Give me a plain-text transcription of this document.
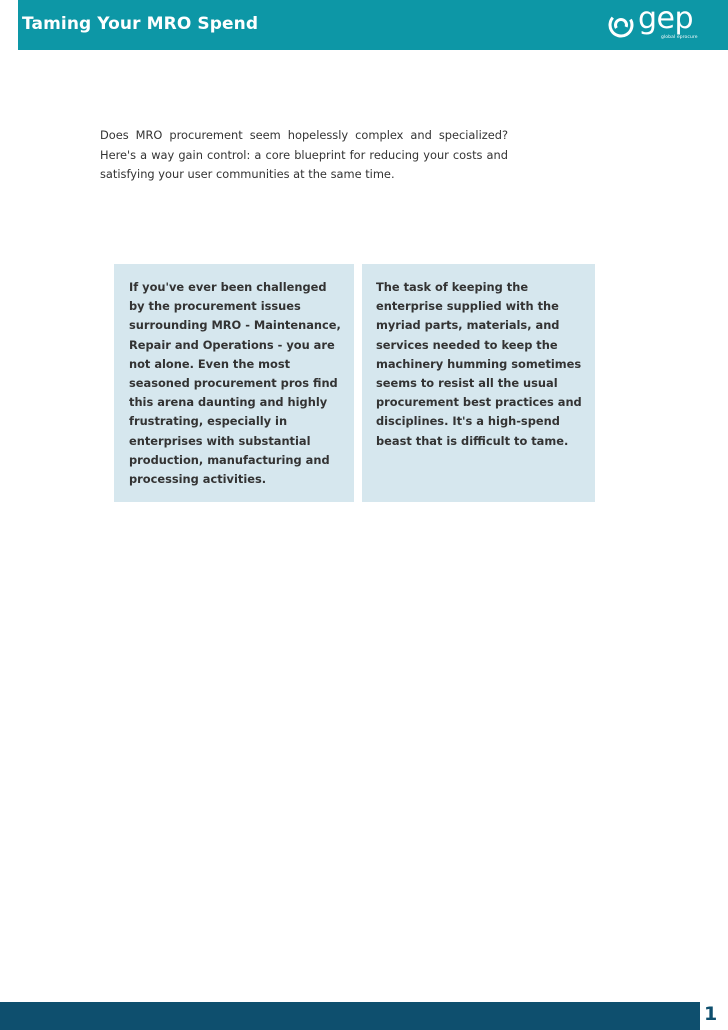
Taming Your MRO Spend	gep
global eprocure

Does MRO procurement seem hopelessly complex and specialized? Here's a way gain control: a core blueprint for reducing your costs and satisfying your user communities at the same time.

If you've ever been challenged by the procurement issues surrounding MRO - Maintenance, Repair and Operations - you are not alone. Even the most seasoned procurement pros find this arena daunting and highly frustrating, especially in enterprises with substantial production, manufacturing and processing activities.

The task of keeping the enterprise supplied with the myriad parts, materials, and services needed to keep the machinery humming sometimes seems to resist all the usual procurement best practices and disciplines. It's a high-spend beast that is difficult to tame.

1
